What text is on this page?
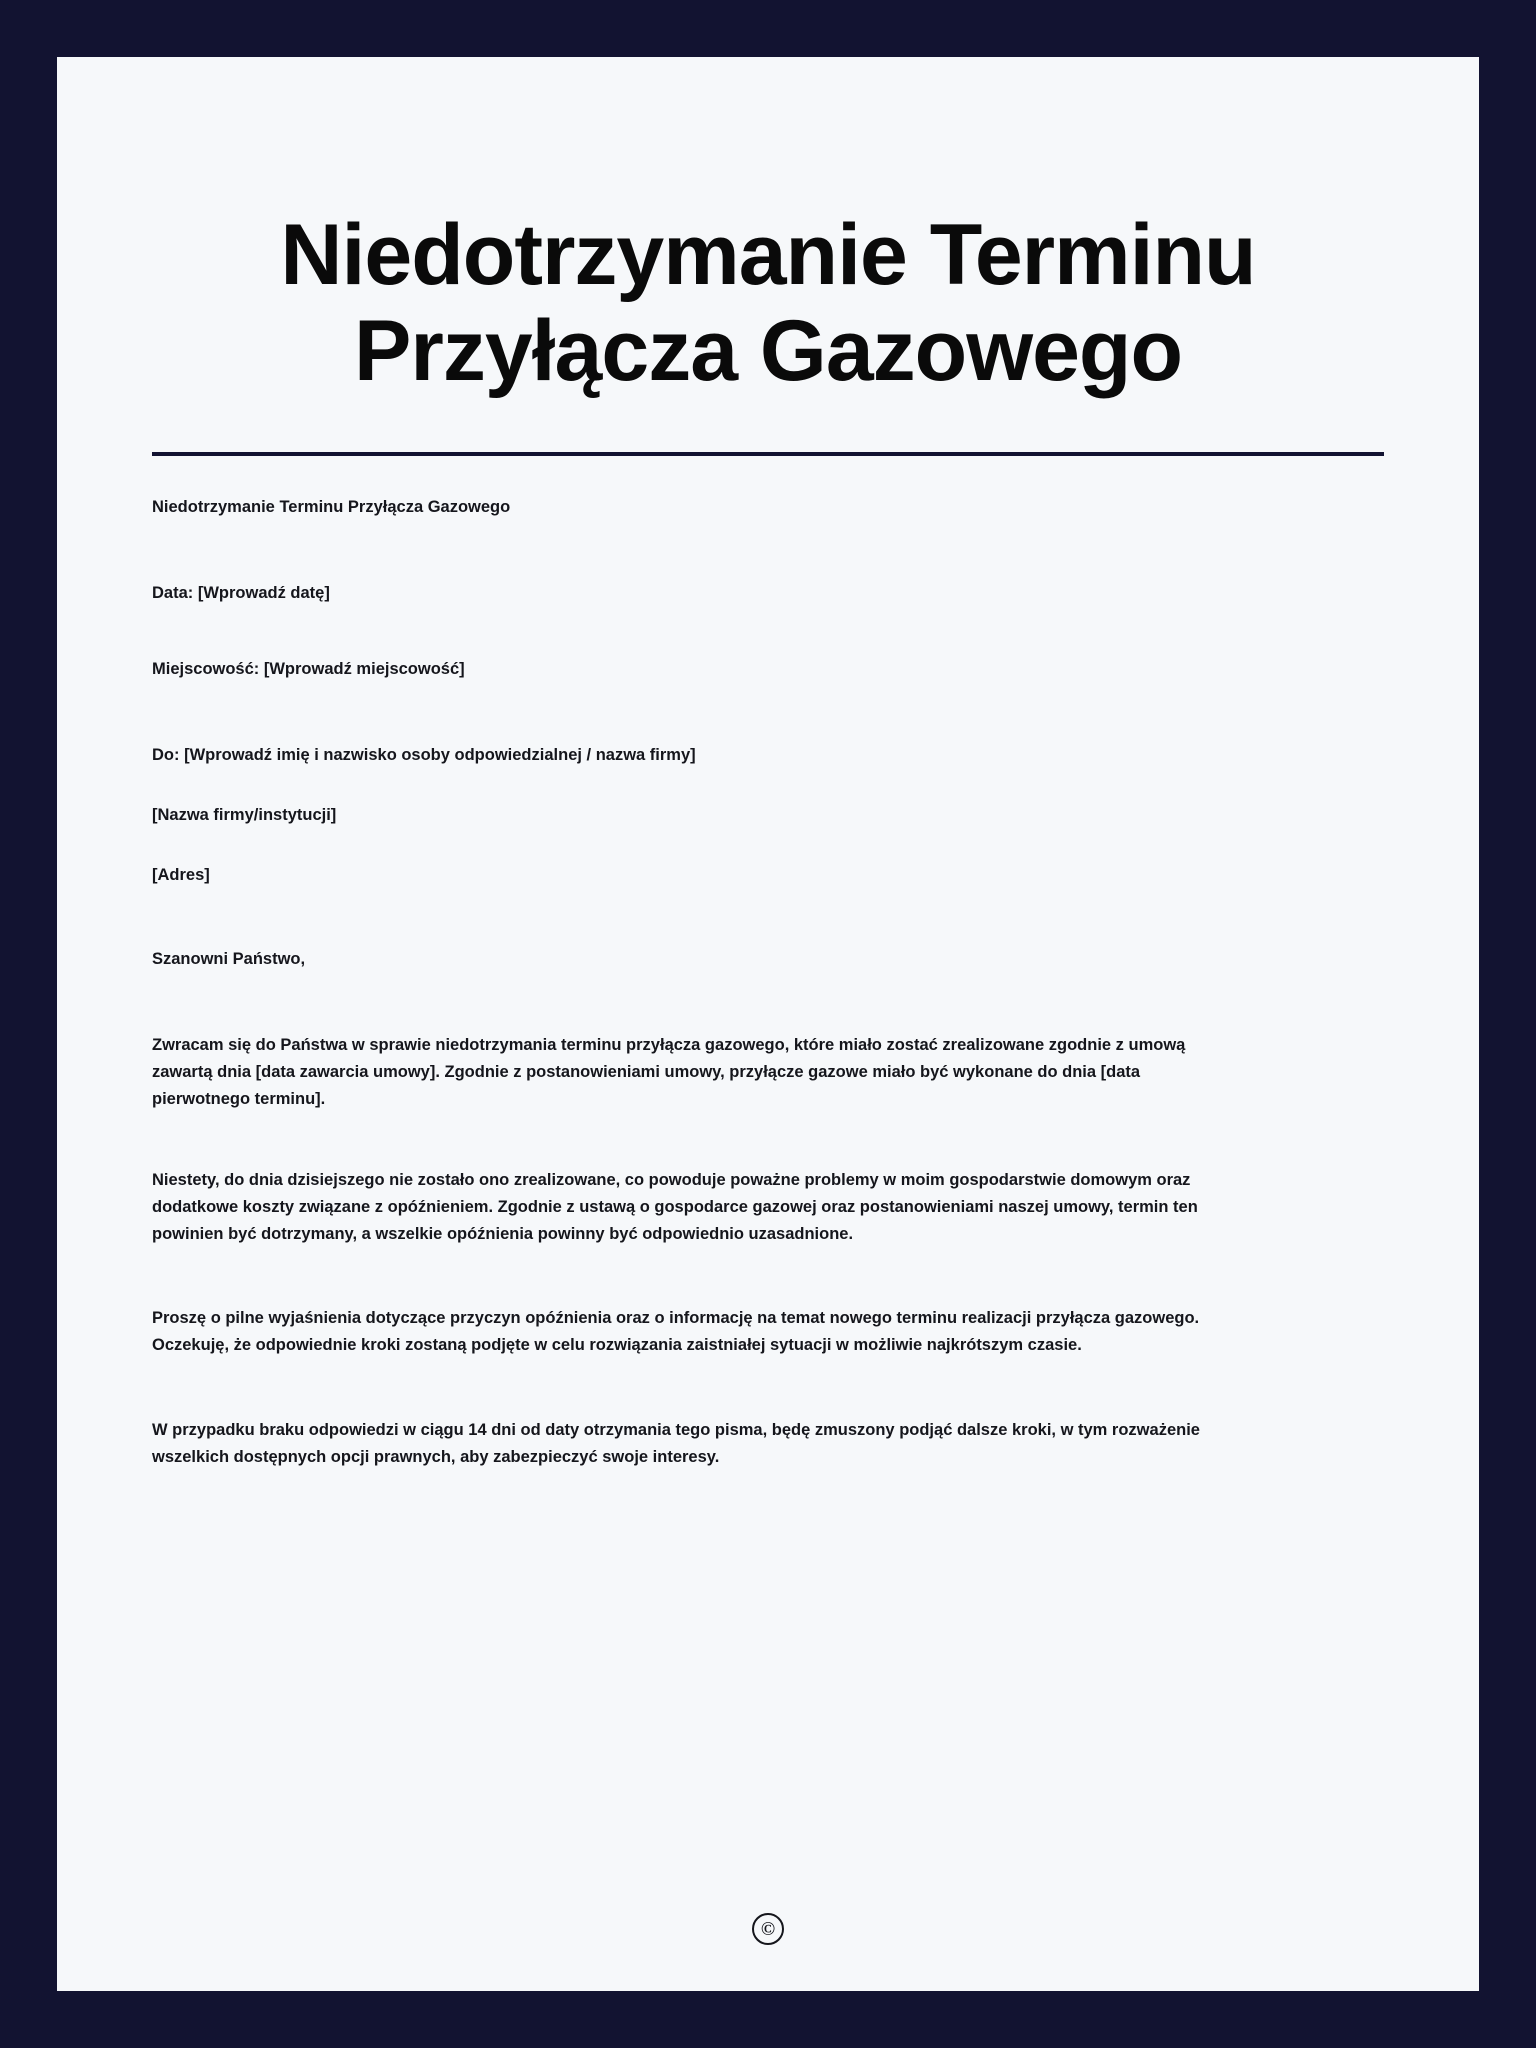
Niedotrzymanie Terminu Przyłącza Gazowego

Niedotrzymanie Terminu Przyłącza Gazowego

Data: [Wprowadź datę]

Miejscowość: [Wprowadź miejscowość]

Do: [Wprowadź imię i nazwisko osoby odpowiedzialnej / nazwa firmy]

[Nazwa firmy/instytucji]

[Adres]

Szanowni Państwo,

Zwracam się do Państwa w sprawie niedotrzymania terminu przyłącza gazowego, które miało zostać zrealizowane zgodnie z umową zawartą dnia [data zawarcia umowy]. Zgodnie z postanowieniami umowy, przyłącze gazowe miało być wykonane do dnia [data pierwotnego terminu].

Niestety, do dnia dzisiejszego nie zostało ono zrealizowane, co powoduje poważne problemy w moim gospodarstwie domowym oraz dodatkowe koszty związane z opóźnieniem. Zgodnie z ustawą o gospodarce gazowej oraz postanowieniami naszej umowy, termin ten powinien być dotrzymany, a wszelkie opóźnienia powinny być odpowiednio uzasadnione.

Proszę o pilne wyjaśnienia dotyczące przyczyn opóźnienia oraz o informację na temat nowego terminu realizacji przyłącza gazowego. Oczekuję, że odpowiednie kroki zostaną podjęte w celu rozwiązania zaistniałej sytuacji w możliwie najkrótszym czasie.

W przypadku braku odpowiedzi w ciągu 14 dni od daty otrzymania tego pisma, będę zmuszony podjąć dalsze kroki, w tym rozważenie wszelkich dostępnych opcji prawnych, aby zabezpieczyć swoje interesy.

©
